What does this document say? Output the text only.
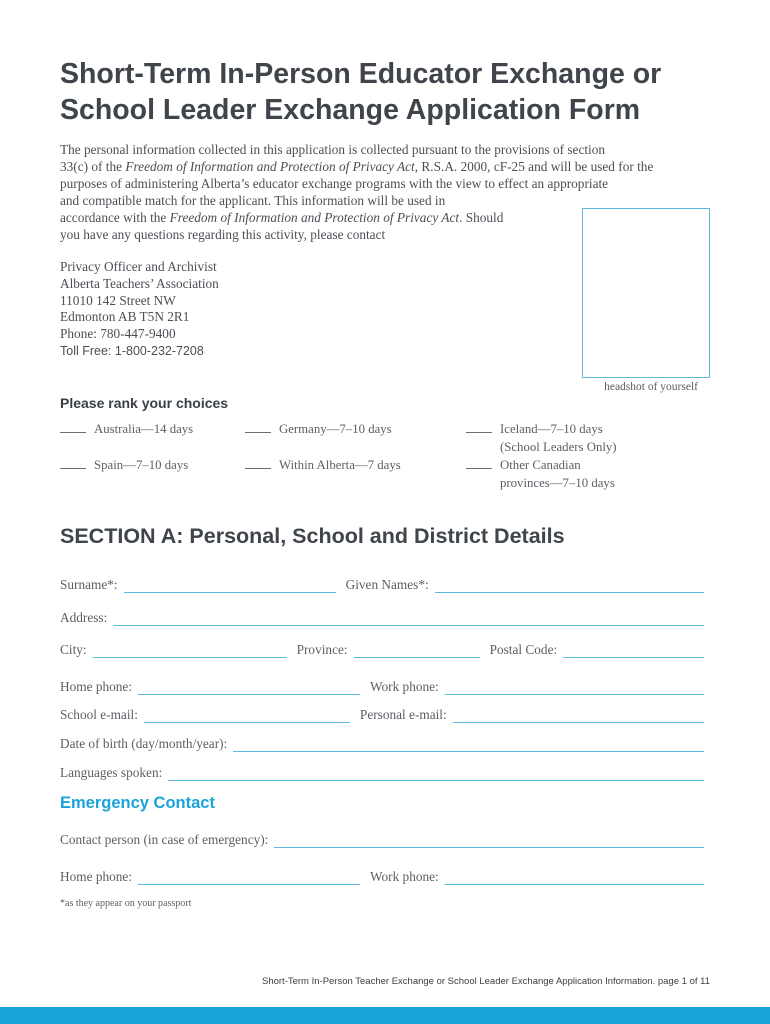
Short-Term In-Person Educator Exchange or
School Leader Exchange Application Form
The personal information collected in this application is collected pursuant to the provisions of section
33(c) of the Freedom of Information and Protection of Privacy Act, R.S.A. 2000, cF-25 and will be used for the
purposes of administering Alberta’s educator exchange programs with the view to effect an appropriate
and compatible match for the applicant. This information will be used in
accordance with the Freedom of Information and Protection of Privacy Act. Should
you have any questions regarding this activity, please contact
Privacy Officer and Archivist
Alberta Teachers’ Association
11010 142 Street NW
Edmonton AB T5N 2R1
Phone: 780-447-9400
Toll Free: 1-800-232-7208
headshot of yourself
Please rank your choices
Australia—14 days	Germany—7–10 days	Iceland—7–10 days
(School Leaders Only)
Spain—7–10 days	Within Alberta—7 days	Other Canadian
provinces—7–10 days
SECTION A: Personal, School and District Details
Surname*:	Given Names*:
Address:
City:	Province:	Postal Code:
Home phone:	Work phone:
School e-mail:	Personal e-mail:
Date of birth (day/month/year):
Languages spoken:
Emergency Contact
Contact person (in case of emergency):
Home phone:	Work phone:
*as they appear on your passport
Short-Term In-Person Teacher Exchange or School Leader Exchange Application Information. page 1 of 11
